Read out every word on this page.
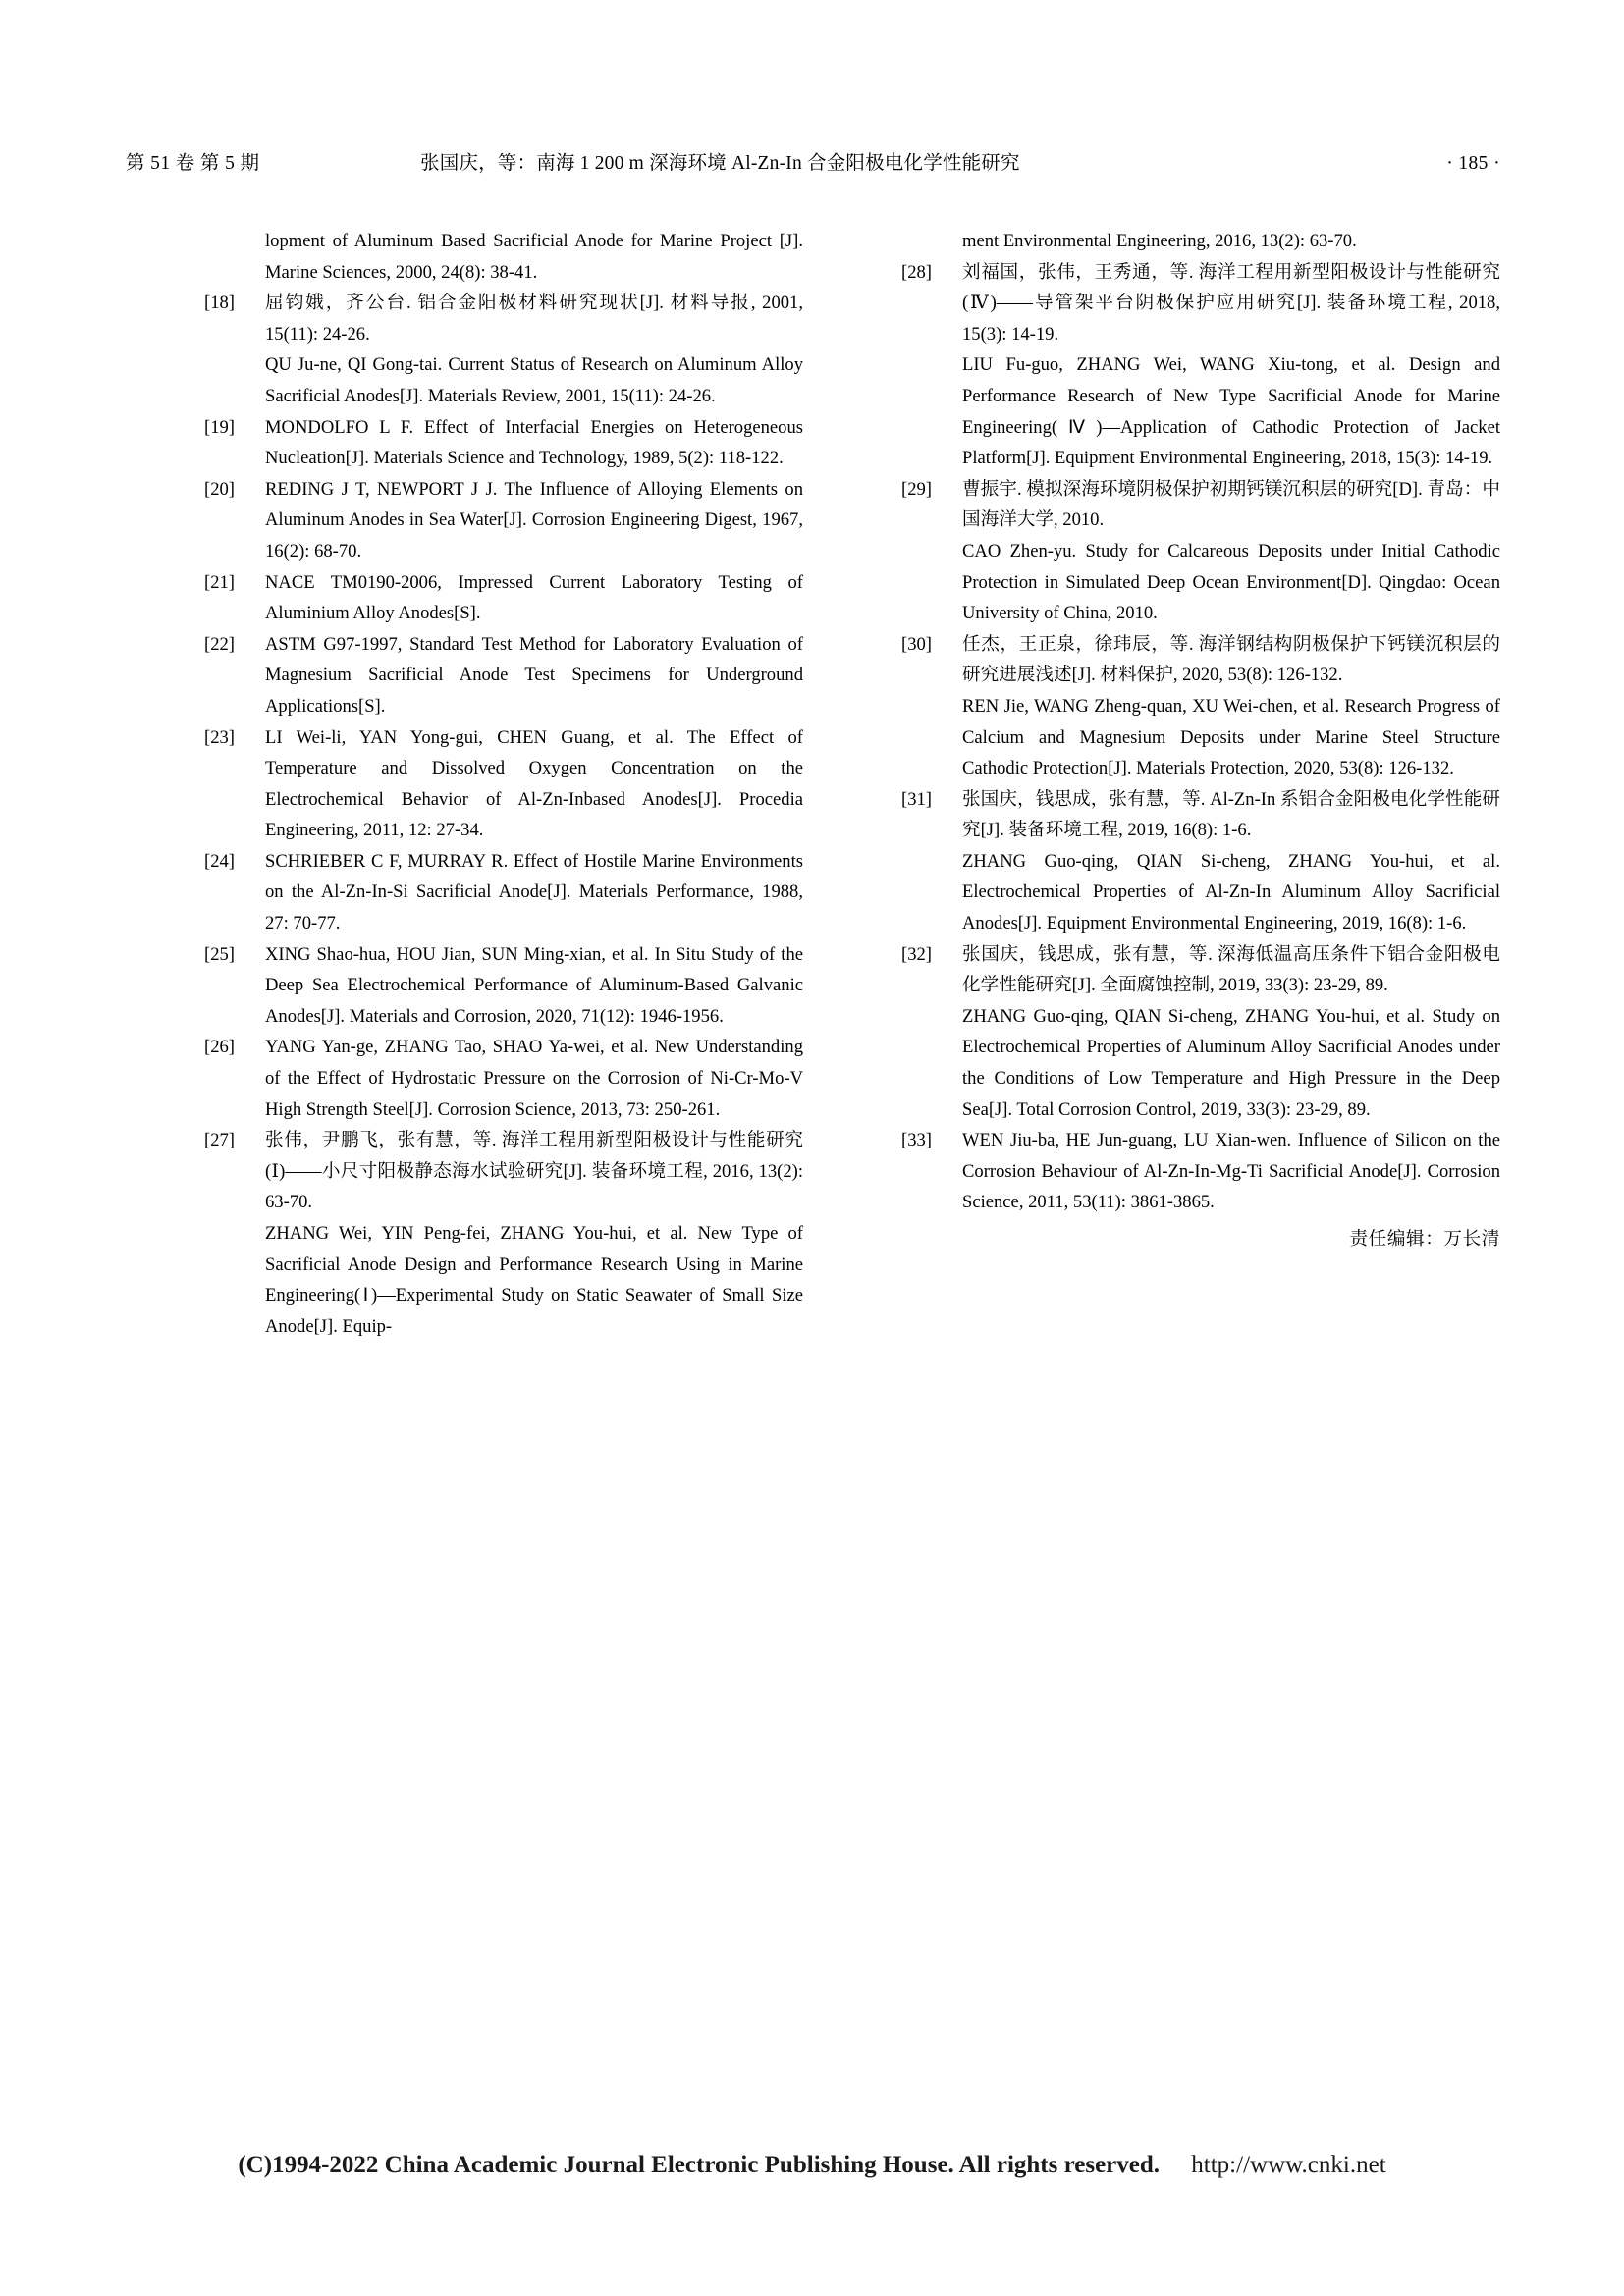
第 51 卷 第 5 期	张国庆，等：南海 1 200 m 深海环境 Al-Zn-In 合金阳极电化学性能研究	· 185 ·
lopment of Aluminum Based Sacrificial Anode for Marine Project [J]. Marine Sciences, 2000, 24(8): 38-41.
[18]	屈钧娥，齐公台. 铝合金阳极材料研究现状[J]. 材料导报, 2001, 15(11): 24-26.
QU Ju-ne, QI Gong-tai. Current Status of Research on Aluminum Alloy Sacrificial Anodes[J]. Materials Review, 2001, 15(11): 24-26.
[19]	MONDOLFO L F. Effect of Interfacial Energies on Heterogeneous Nucleation[J]. Materials Science and Technology, 1989, 5(2): 118-122.
[20]	REDING J T, NEWPORT J J. The Influence of Alloying Elements on Aluminum Anodes in Sea Water[J]. Corrosion Engineering Digest, 1967, 16(2): 68-70.
[21]	NACE TM0190-2006, Impressed Current Laboratory Testing of Aluminium Alloy Anodes[S].
[22]	ASTM G97-1997, Standard Test Method for Laboratory Evaluation of Magnesium Sacrificial Anode Test Specimens for Underground Applications[S].
[23]	LI Wei-li, YAN Yong-gui, CHEN Guang, et al. The Effect of Temperature and Dissolved Oxygen Concentration on the Electrochemical Behavior of Al-Zn-Inbased Anodes[J]. Procedia Engineering, 2011, 12: 27-34.
[24]	SCHRIEBER C F, MURRAY R. Effect of Hostile Marine Environments on the Al-Zn-In-Si Sacrificial Anode[J]. Materials Performance, 1988, 27: 70-77.
[25]	XING Shao-hua, HOU Jian, SUN Ming-xian, et al. In Situ Study of the Deep Sea Electrochemical Performance of Aluminum-Based Galvanic Anodes[J]. Materials and Corrosion, 2020, 71(12): 1946-1956.
[26]	YANG Yan-ge, ZHANG Tao, SHAO Ya-wei, et al. New Understanding of the Effect of Hydrostatic Pressure on the Corrosion of Ni-Cr-Mo-V High Strength Steel[J]. Corrosion Science, 2013, 73: 250-261.
[27]	张伟，尹鹏飞，张有慧，等. 海洋工程用新型阳极设计与性能研究(Ⅰ)——小尺寸阳极静态海水试验研究[J]. 装备环境工程, 2016, 13(2): 63-70.
ZHANG Wei, YIN Peng-fei, ZHANG You-hui, et al. New Type of Sacrificial Anode Design and Performance Research Using in Marine Engineering(Ⅰ)—Experimental Study on Static Seawater of Small Size Anode[J]. Equip-
ment Environmental Engineering, 2016, 13(2): 63-70.
[28]	刘福国，张伟，王秀通，等. 海洋工程用新型阳极设计与性能研究(Ⅳ)——导管架平台阴极保护应用研究[J]. 装备环境工程, 2018, 15(3): 14-19.
LIU Fu-guo, ZHANG Wei, WANG Xiu-tong, et al. Design and Performance Research of New Type Sacrificial Anode for Marine Engineering(Ⅳ)—Application of Cathodic Protection of Jacket Platform[J]. Equipment Environmental Engineering, 2018, 15(3): 14-19.
[29]	曹振宇. 模拟深海环境阴极保护初期钙镁沉积层的研究[D]. 青岛：中国海洋大学, 2010.
CAO Zhen-yu. Study for Calcareous Deposits under Initial Cathodic Protection in Simulated Deep Ocean Environment[D]. Qingdao: Ocean University of China, 2010.
[30]	任杰，王正泉，徐玮辰，等. 海洋钢结构阴极保护下钙镁沉积层的研究进展浅述[J]. 材料保护, 2020, 53(8): 126-132.
REN Jie, WANG Zheng-quan, XU Wei-chen, et al. Research Progress of Calcium and Magnesium Deposits under Marine Steel Structure Cathodic Protection[J]. Materials Protection, 2020, 53(8): 126-132.
[31]	张国庆，钱思成，张有慧，等. Al-Zn-In 系铝合金阳极电化学性能研究[J]. 装备环境工程, 2019, 16(8): 1-6.
ZHANG Guo-qing, QIAN Si-cheng, ZHANG You-hui, et al. Electrochemical Properties of Al-Zn-In Aluminum Alloy Sacrificial Anodes[J]. Equipment Environmental Engineering, 2019, 16(8): 1-6.
[32]	张国庆，钱思成，张有慧，等. 深海低温高压条件下铝合金阳极电化学性能研究[J]. 全面腐蚀控制, 2019, 33(3): 23-29, 89.
ZHANG Guo-qing, QIAN Si-cheng, ZHANG You-hui, et al. Study on Electrochemical Properties of Aluminum Alloy Sacrificial Anodes under the Conditions of Low Temperature and High Pressure in the Deep Sea[J]. Total Corrosion Control, 2019, 33(3): 23-29, 89.
[33]	WEN Jiu-ba, HE Jun-guang, LU Xian-wen. Influence of Silicon on the Corrosion Behaviour of Al-Zn-In-Mg-Ti Sacrificial Anode[J]. Corrosion Science, 2011, 53(11): 3861-3865.
责任编辑：万长清
(C)1994-2022 China Academic Journal Electronic Publishing House. All rights reserved. http://www.cnki.net
